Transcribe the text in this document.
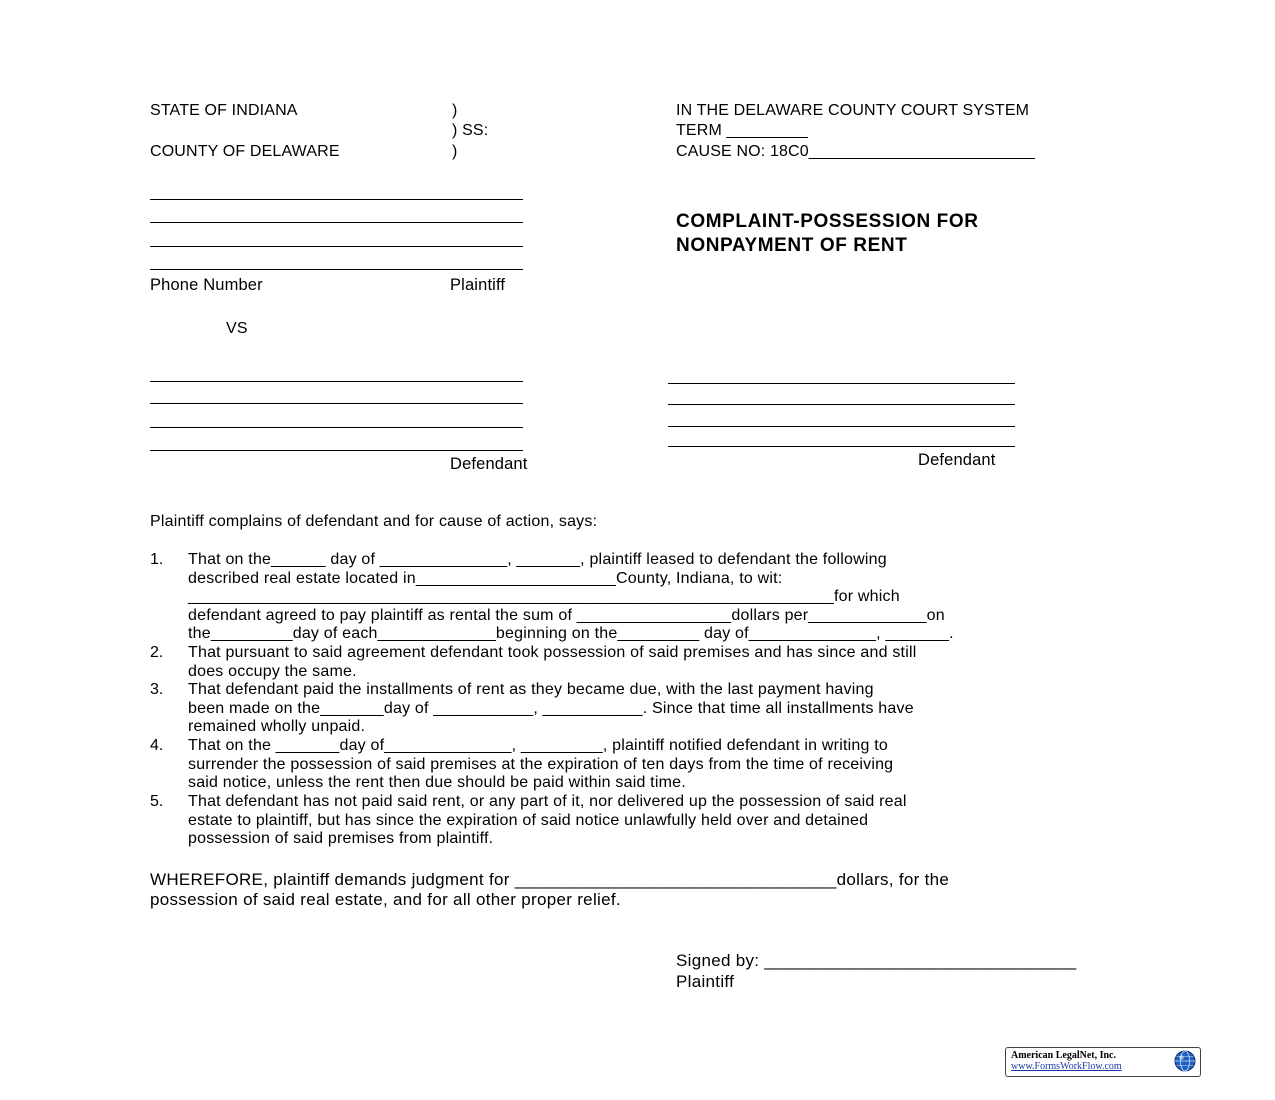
STATE OF INDIANA	)
) SS:
COUNTY OF DELAWARE	)
IN THE DELAWARE COUNTY COURT SYSTEM
TERM _________
CAUSE NO: 18C0_________________________
COMPLAINT-POSSESSION FOR
NONPAYMENT OF RENT
Phone Number	Plaintiff
VS
Defendant	Defendant
Plaintiff complains of defendant and for cause of action, says:
1. That on the______ day of ______________, _______, plaintiff leased to defendant the following
described real estate located in______________________County, Indiana, to wit:
_______________________________________________________________________for which
defendant agreed to pay plaintiff as rental the sum of _________________dollars per_____________on
the_________day of each_____________beginning on the_________ day of______________, _______.
2. That pursuant to said agreement defendant took possession of said premises and has since and still
does occupy the same.
3. That defendant paid the installments of rent as they became due, with the last payment having
been made on the_______day of ___________, ___________. Since that time all installments have
remained wholly unpaid.
4. That on the _______day of______________, _________, plaintiff notified defendant in writing to
surrender the possession of said premises at the expiration of ten days from the time of receiving
said notice, unless the rent then due should be paid within said time.
5. That defendant has not paid said rent, or any part of it, nor delivered up the possession of said real
estate to plaintiff, but has since the expiration of said notice unlawfully held over and detained
possession of said premises from plaintiff.
WHEREFORE, plaintiff demands judgment for _________________________________dollars, for the
possession of said real estate, and for all other proper relief.
Signed by: ________________________________
Plaintiff
American LegalNet, Inc.
www.FormsWorkFlow.com
